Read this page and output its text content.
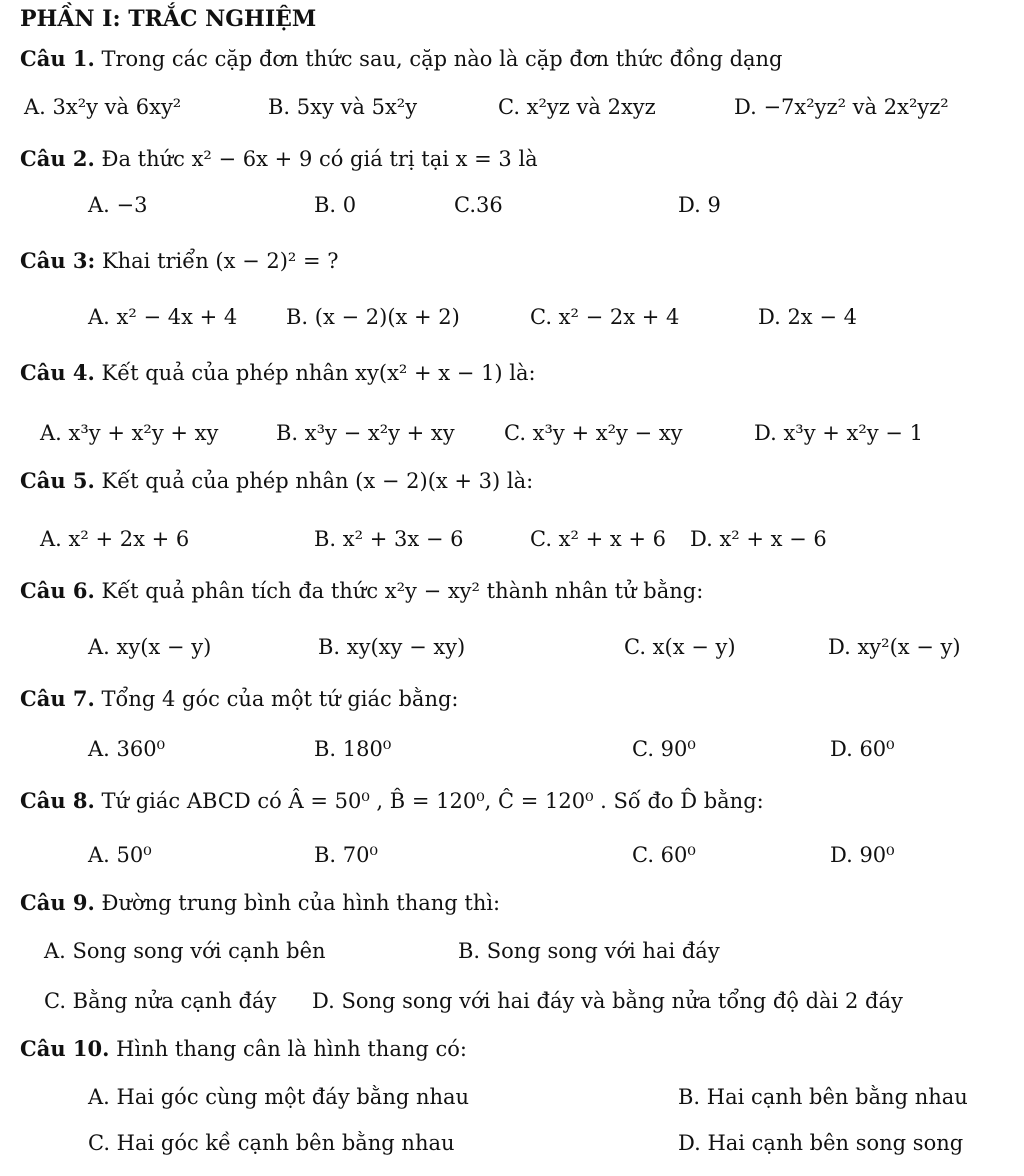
PHẦN I: TRẮC NGHIỆM
Câu 1. Trong các cặp đơn thức sau, cặp nào là cặp đơn thức đồng dạng
A. 3x²y và 6xy²	B. 5xy và 5x²y	C. x²yz và 2xyz	D. −7x²yz² và 2x²yz²
Câu 2. Đa thức x² − 6x + 9 có giá trị tại x = 3 là
A. −3	B. 0	C.36	D. 9
Câu 3: Khai triển (x − 2)² = ?
A. x² − 4x + 4 B. (x − 2)(x + 2)	C. x² − 2x + 4	D. 2x − 4
Câu 4. Kết quả của phép nhân xy(x² + x − 1) là:
A. x³y + x²y + xy	B. x³y − x²y + xy C. x³y + x²y − xy	D. x³y + x²y − 1
Câu 5. Kết quả của phép nhân (x − 2)(x + 3) là:
A. x² + 2x + 6	B. x² + 3x − 6	C. x² + x + 6 D. x² + x − 6
Câu 6. Kết quả phân tích đa thức x²y − xy² thành nhân tử bằng:
A. xy(x − y)	B. xy(xy − xy)	C. x(x − y)	D. xy²(x − y)
Câu 7. Tổng 4 góc của một tứ giác bằng:
A. 360⁰	B. 180⁰	C. 90⁰	D. 60⁰
Câu 8. Tứ giác ABCD có Â = 50⁰ , B̂ = 120⁰, Ĉ = 120⁰ . Số đo D̂ bằng:
A. 50⁰	B. 70⁰	C. 60⁰	D. 90⁰
Câu 9. Đường trung bình của hình thang thì:
A. Song song với cạnh bên	B. Song song với hai đáy
C. Bằng nửa cạnh đáy D. Song song với hai đáy và bằng nửa tổng độ dài 2 đáy
Câu 10. Hình thang cân là hình thang có:
A. Hai góc cùng một đáy bằng nhau	B. Hai cạnh bên bằng nhau
C. Hai góc kề cạnh bên bằng nhau	D. Hai cạnh bên song song
